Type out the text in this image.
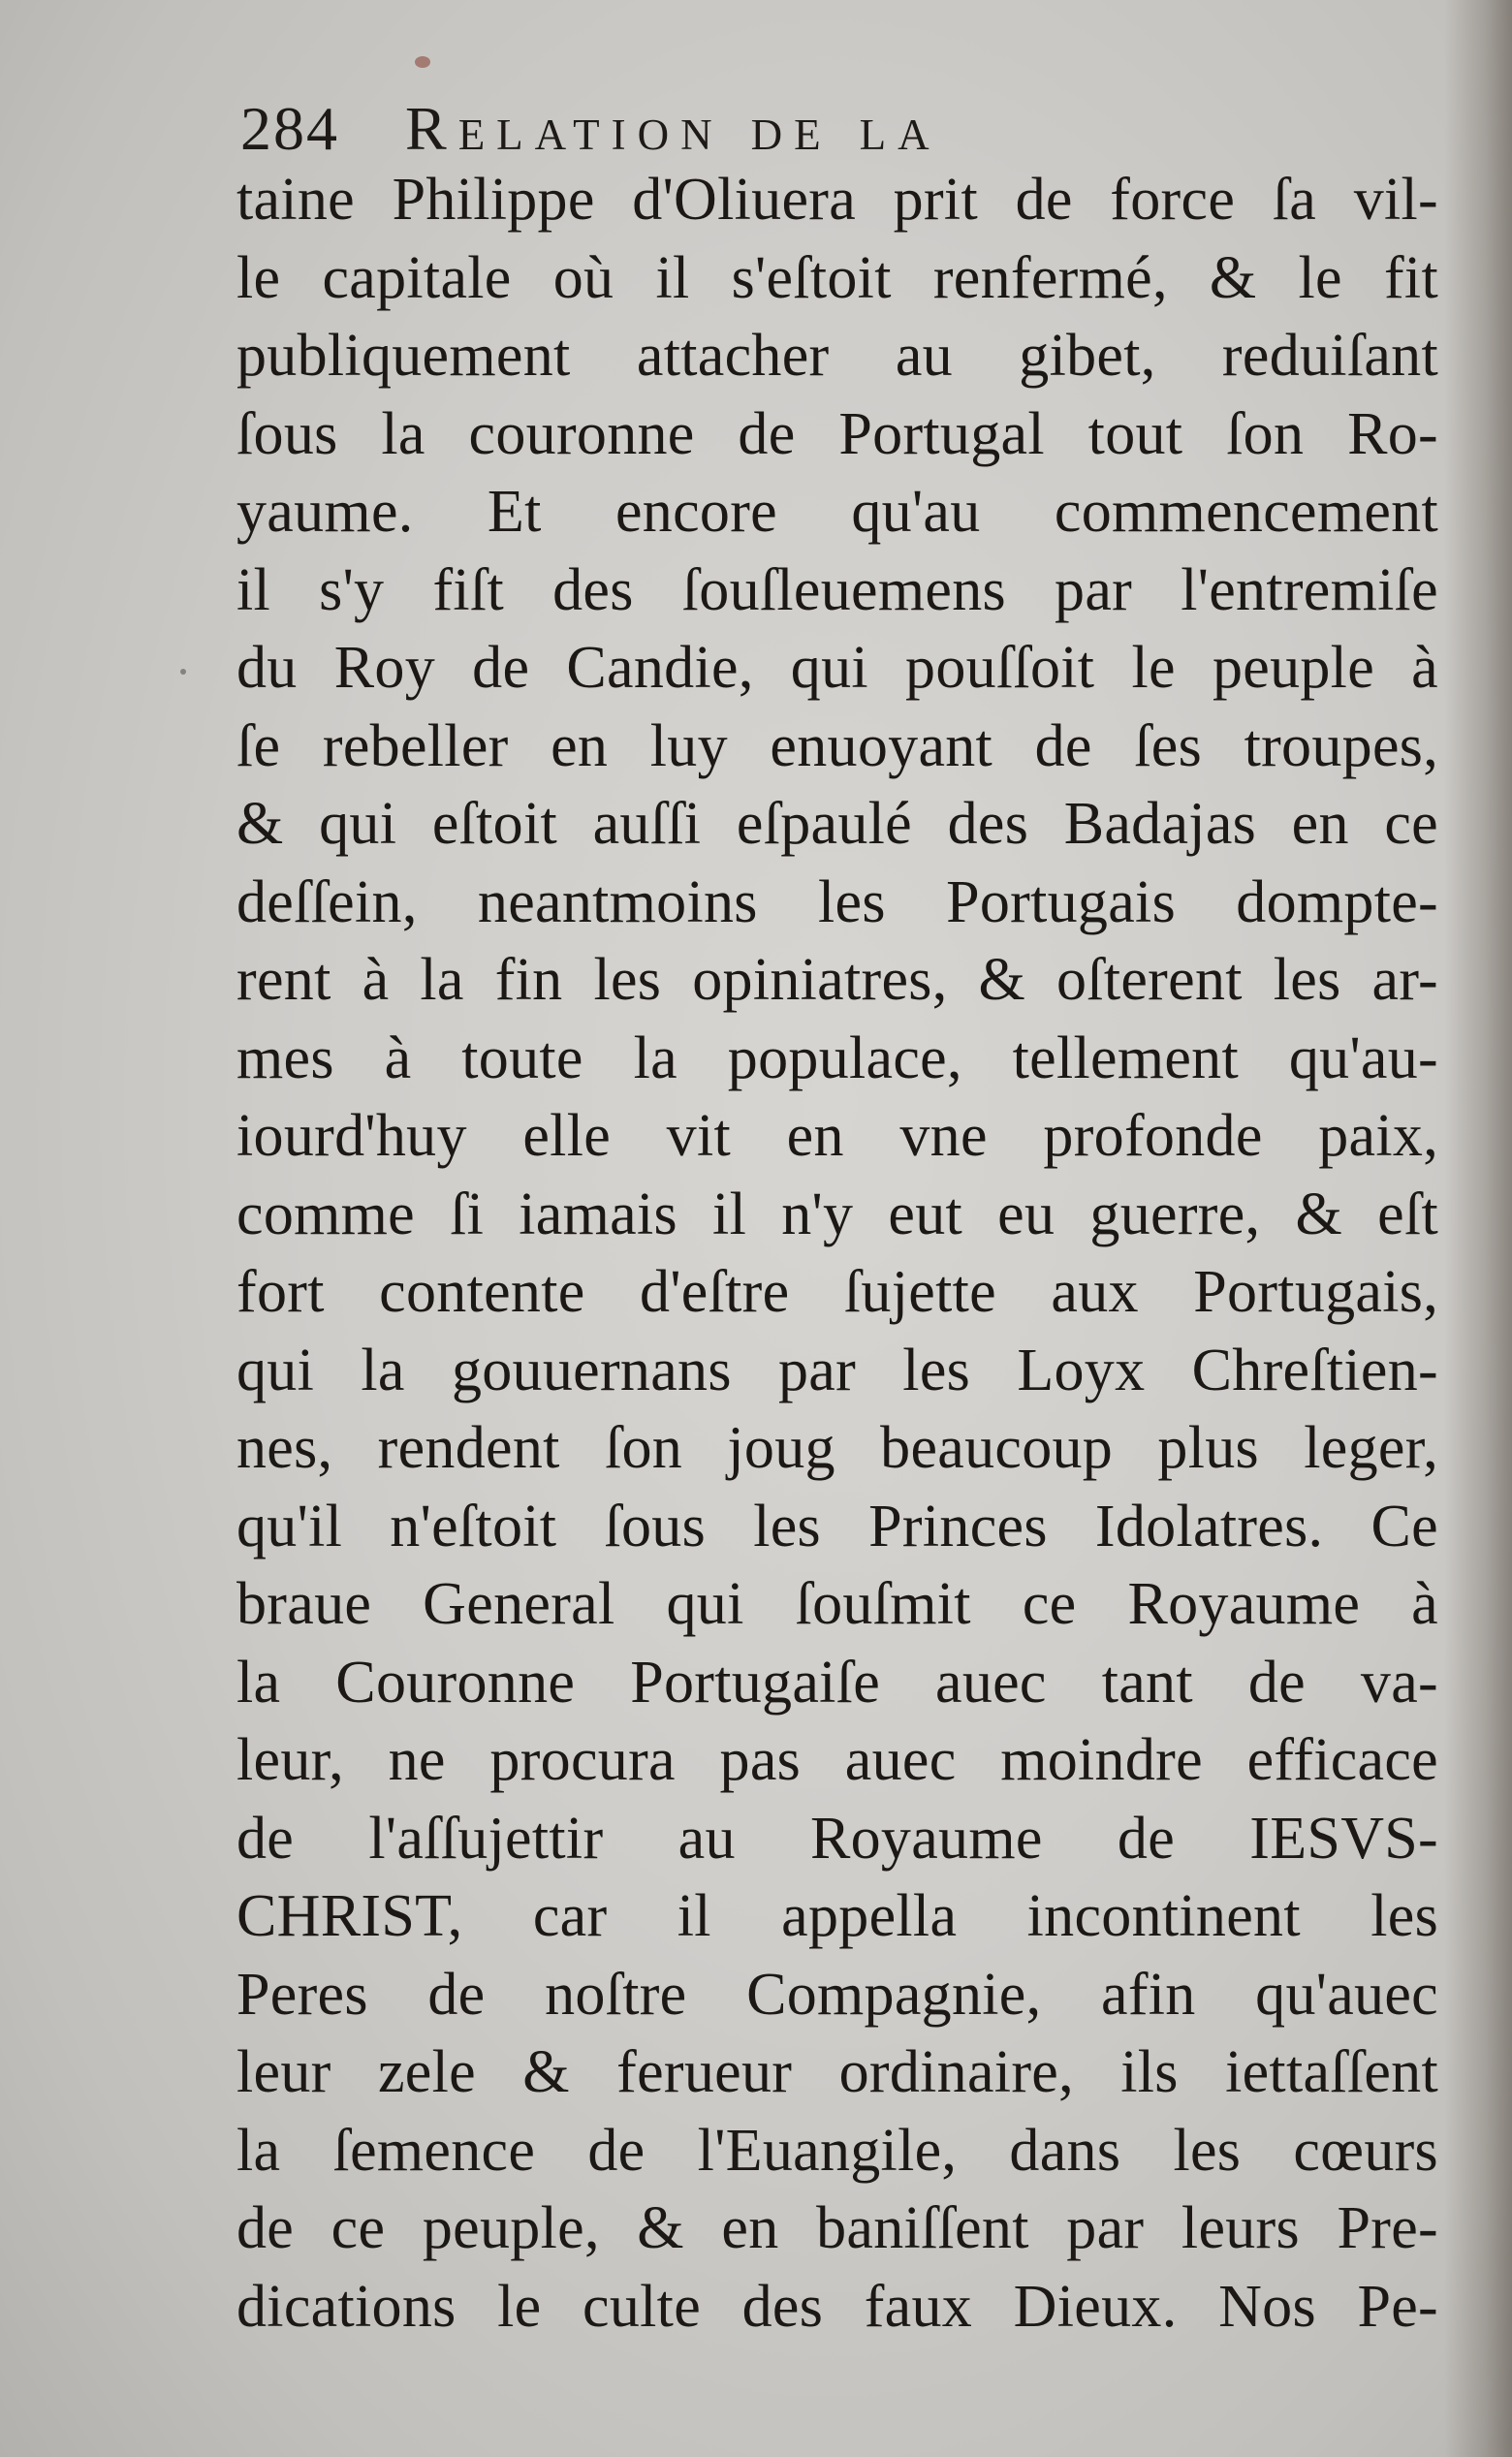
284 Relation de la
taine Philippe d'Oliuera prit de force ſa vil-
le capitale où il s'eſtoit renfermé, & le fit
publiquement attacher au gibet, reduiſant
ſous la couronne de Portugal tout ſon Ro-
yaume. Et encore qu'au commencement
il s'y fiſt des ſouſleuemens par l'entremiſe
du Roy de Candie, qui pouſſoit le peuple à
ſe rebeller en luy enuoyant de ſes troupes,
& qui eſtoit auſſi eſpaulé des Badajas en ce
deſſein, neantmoins les Portugais dompte-
rent à la fin les opiniatres, & oſterent les ar-
mes à toute la populace, tellement qu'au-
iourd'huy elle vit en vne profonde paix,
comme ſi iamais il n'y eut eu guerre, & eſt
fort contente d'eſtre ſujette aux Portugais,
qui la gouuernans par les Loyx Chreſtien-
nes, rendent ſon joug beaucoup plus leger,
qu'il n'eſtoit ſous les Princes Idolatres. Ce
braue General qui ſouſmit ce Royaume à
la Couronne Portugaiſe auec tant de va-
leur, ne procura pas auec moindre efficace
de l'aſſujettir au Royaume de IESVS-
CHRIST, car il appella incontinent les
Peres de noſtre Compagnie, afin qu'auec
leur zele & ferueur ordinaire, ils iettaſſent
la ſemence de l'Euangile, dans les cœurs
de ce peuple, & en baniſſent par leurs Pre-
dications le culte des faux Dieux. Nos Pe-
